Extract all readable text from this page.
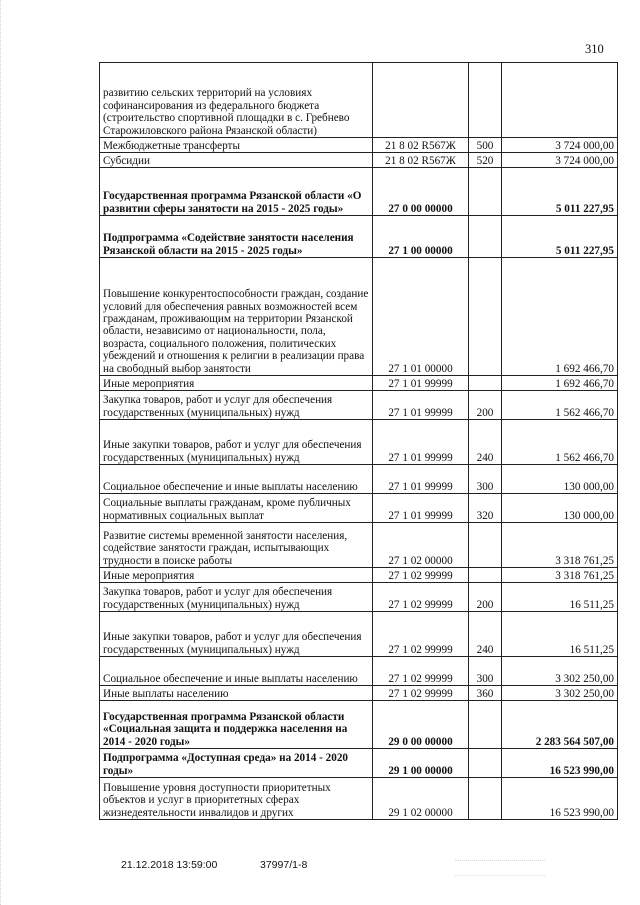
310
развитию сельских территорий на условиях софинансирования из федерального бюджета (строительство спортивной площадки в с. Гребнево Старожиловского района Рязанской области)			
Межбюджетные трансферты	21 8 02 R567Ж	500	3 724 000,00
Субсидии	21 8 02 R567Ж	520	3 724 000,00
Государственная программа Рязанской области «О развитии сферы занятости на 2015 - 2025 годы»	27 0 00 00000		5 011 227,95
Подпрограмма «Содействие занятости населения Рязанской области на 2015 - 2025 годы»	27 1 00 00000		5 011 227,95
Повышение конкурентоспособности граждан, создание условий для обеспечения равных возможностей всем гражданам, проживающим на территории Рязанской области, независимо от национальности, пола, возраста, социального положения, политических убеждений и отношения к религии в реализации права на свободный выбор занятости	27 1 01 00000		1 692 466,70
Иные мероприятия	27 1 01 99999		1 692 466,70
Закупка товаров, работ и услуг для обеспечения государственных (муниципальных) нужд	27 1 01 99999	200	1 562 466,70
Иные закупки товаров, работ и услуг для обеспечения государственных (муниципальных) нужд	27 1 01 99999	240	1 562 466,70
Социальное обеспечение и иные выплаты населению	27 1 01 99999	300	130 000,00
Социальные выплаты гражданам, кроме публичных нормативных социальных выплат	27 1 01 99999	320	130 000,00
Развитие системы временной занятости населения, содействие занятости граждан, испытывающих трудности в поиске работы	27 1 02 00000		3 318 761,25
Иные мероприятия	27 1 02 99999		3 318 761,25
Закупка товаров, работ и услуг для обеспечения государственных (муниципальных) нужд	27 1 02 99999	200	16 511,25
Иные закупки товаров, работ и услуг для обеспечения государственных (муниципальных) нужд	27 1 02 99999	240	16 511,25
Социальное обеспечение и иные выплаты населению	27 1 02 99999	300	3 302 250,00
Иные выплаты населению	27 1 02 99999	360	3 302 250,00
Государственная программа Рязанской области «Социальная защита и поддержка населения на 2014 - 2020 годы»	29 0 00 00000		2 283 564 507,00
Подпрограмма «Доступная среда» на 2014 - 2020 годы»	29 1 00 00000		16 523 990,00
Повышение уровня доступности приоритетных объектов и услуг в приоритетных сферах жизнедеятельности инвалидов и других	29 1 02 00000		16 523 990,00
21.12.2018 13:59:00	37997/1-8
